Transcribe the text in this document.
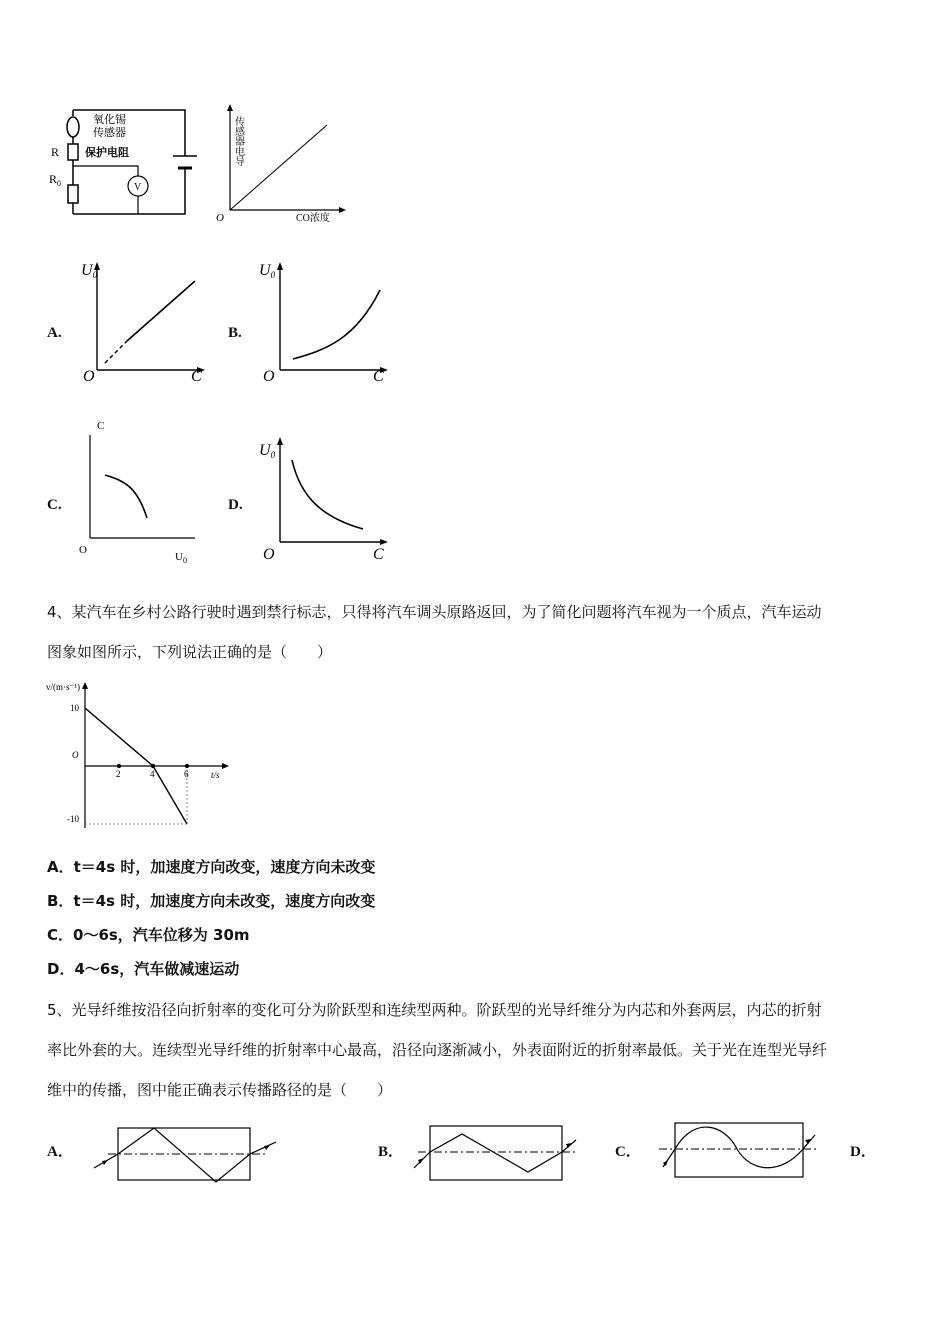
V
氧化锡
传感器
R 保护电阻
$R_0$
传感器电导
O	CO浓度
A.
U0
O	C
B.
U0
O	C
C.
C
O
$U_0$
D.
U0
O	C
4、某汽车在乡村公路行驶时遇到禁行标志，只得将汽车调头原路返回，为了简化问题将汽车视为一个质点，汽车运动
图象如图所示，下列说法正确的是（　　）
2	4	6
v/(m·s⁻¹)
t/s
O
10
-10
A．t＝4s 时，加速度方向改变，速度方向未改变
B．t＝4s 时，加速度方向未改变，速度方向改变
C．0～6s，汽车位移为 30m
D．4～6s，汽车做减速运动
5、光导纤维按沿径向折射率的变化可分为阶跃型和连续型两种。阶跃型的光导纤维分为内芯和外套两层，内芯的折射
率比外套的大。连续型光导纤维的折射率中心最高，沿径向逐渐减小，外表面附近的折射率最低。关于光在连型光导纤
维中的传播，图中能正确表示传播路径的是（　　）
A．	B．	C．	D．
